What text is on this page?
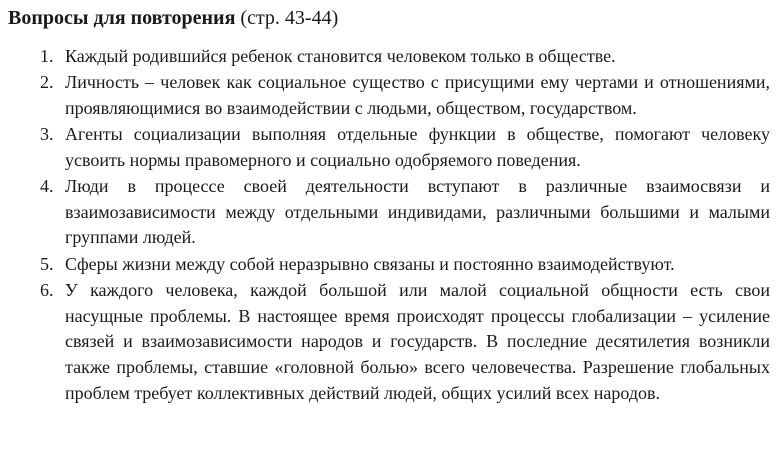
Вопросы для повторения (стр. 43-44)
1. Каждый родившийся ребенок становится человеком только в обществе.
2. Личность – человек как социальное существо с присущими ему чертами и отношениями, проявляющимися во взаимодействии с людьми, обществом, государством.
3. Агенты социализации выполняя отдельные функции в обществе, помогают человеку усвоить нормы правомерного и социально одобряемого поведения.
4. Люди в процессе своей деятельности вступают в различные взаимосвязи и взаимозависимости между отдельными индивидами, различными большими и малыми группами людей.
5. Сферы жизни между собой неразрывно связаны и постоянно взаимодействуют.
6. У каждого человека, каждой большой или малой социальной общности есть свои насущные проблемы. В настоящее время происходят процессы глобализации – усиление связей и взаимозависимости народов и государств. В последние десятилетия возникли также проблемы, ставшие «головной болью» всего человечества. Разрешение глобальных проблем требует коллективных действий людей, общих усилий всех народов.
